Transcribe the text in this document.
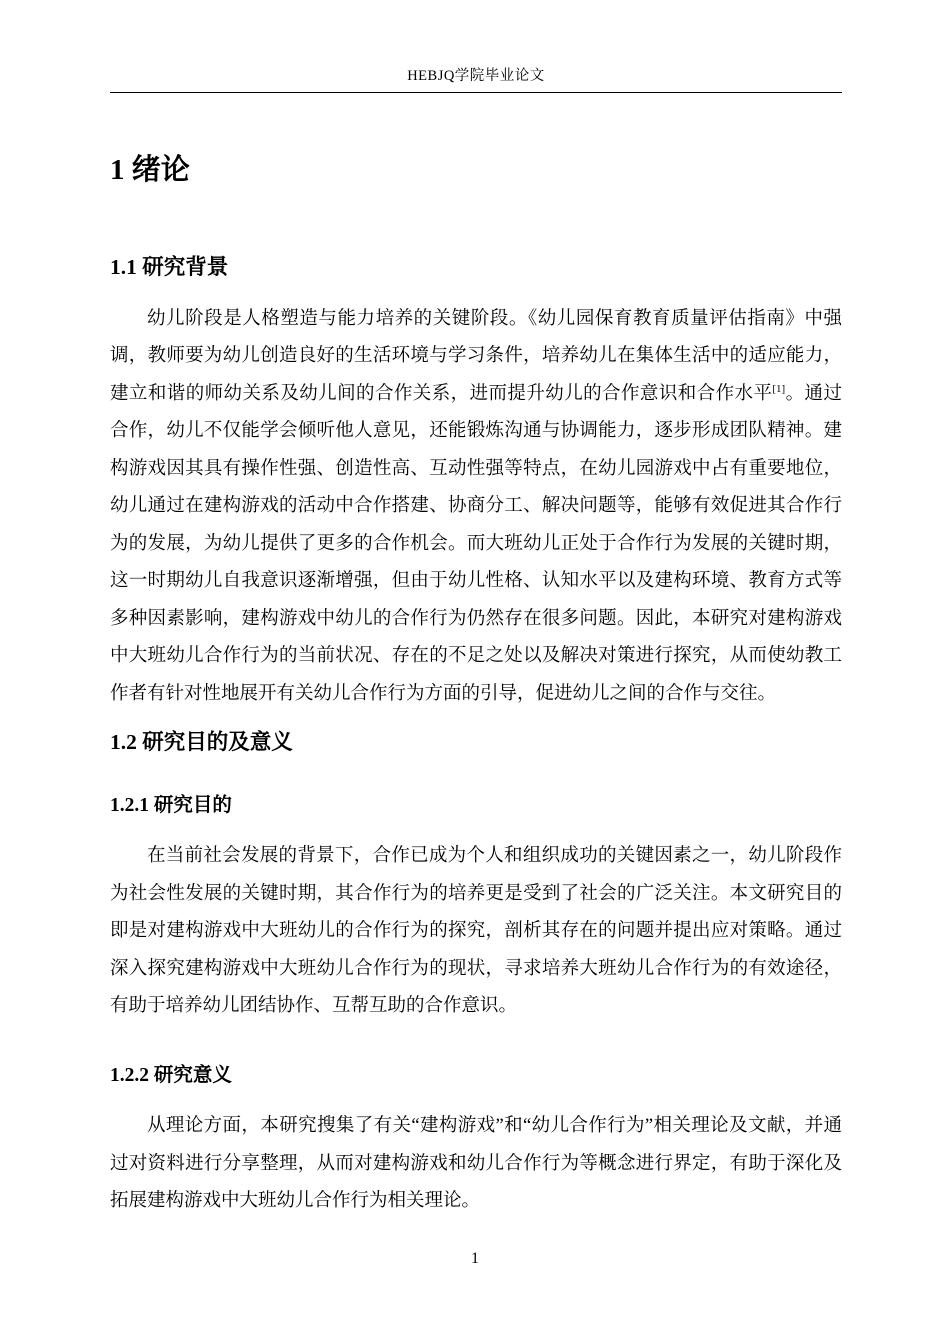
HEBJQ学院毕业论文
1 绪论
1.1 研究背景

幼儿阶段是人格塑造与能力培养的关键阶段。《幼儿园保育教育质量评估指南》中强调，教师要为幼儿创造良好的生活环境与学习条件，培养幼儿在集体生活中的适应能力，建立和谐的师幼关系及幼儿间的合作关系，进而提升幼儿的合作意识和合作水平[1]。通过合作，幼儿不仅能学会倾听他人意见，还能锻炼沟通与协调能力，逐步形成团队精神。建构游戏因其具有操作性强、创造性高、互动性强等特点，在幼儿园游戏中占有重要地位，幼儿通过在建构游戏的活动中合作搭建、协商分工、解决问题等，能够有效促进其合作行为的发展，为幼儿提供了更多的合作机会。而大班幼儿正处于合作行为发展的关键时期，这一时期幼儿自我意识逐渐增强，但由于幼儿性格、认知水平以及建构环境、教育方式等多种因素影响，建构游戏中幼儿的合作行为仍然存在很多问题。因此，本研究对建构游戏中大班幼儿合作行为的当前状况、存在的不足之处以及解决对策进行探究，从而使幼教工作者有针对性地展开有关幼儿合作行为方面的引导，促进幼儿之间的合作与交往。

1.2 研究目的及意义
1.2.1 研究目的

在当前社会发展的背景下，合作已成为个人和组织成功的关键因素之一，幼儿阶段作为社会性发展的关键时期，其合作行为的培养更是受到了社会的广泛关注。本文研究目的即是对建构游戏中大班幼儿的合作行为的探究，剖析其存在的问题并提出应对策略。通过深入探究建构游戏中大班幼儿合作行为的现状，寻求培养大班幼儿合作行为的有效途径，有助于培养幼儿团结协作、互帮互助的合作意识。

1.2.2 研究意义

从理论方面，本研究搜集了有关“建构游戏”和“幼儿合作行为”相关理论及文献，并通过对资料进行分享整理，从而对建构游戏和幼儿合作行为等概念进行界定，有助于深化及拓展建构游戏中大班幼儿合作行为相关理论。

1
